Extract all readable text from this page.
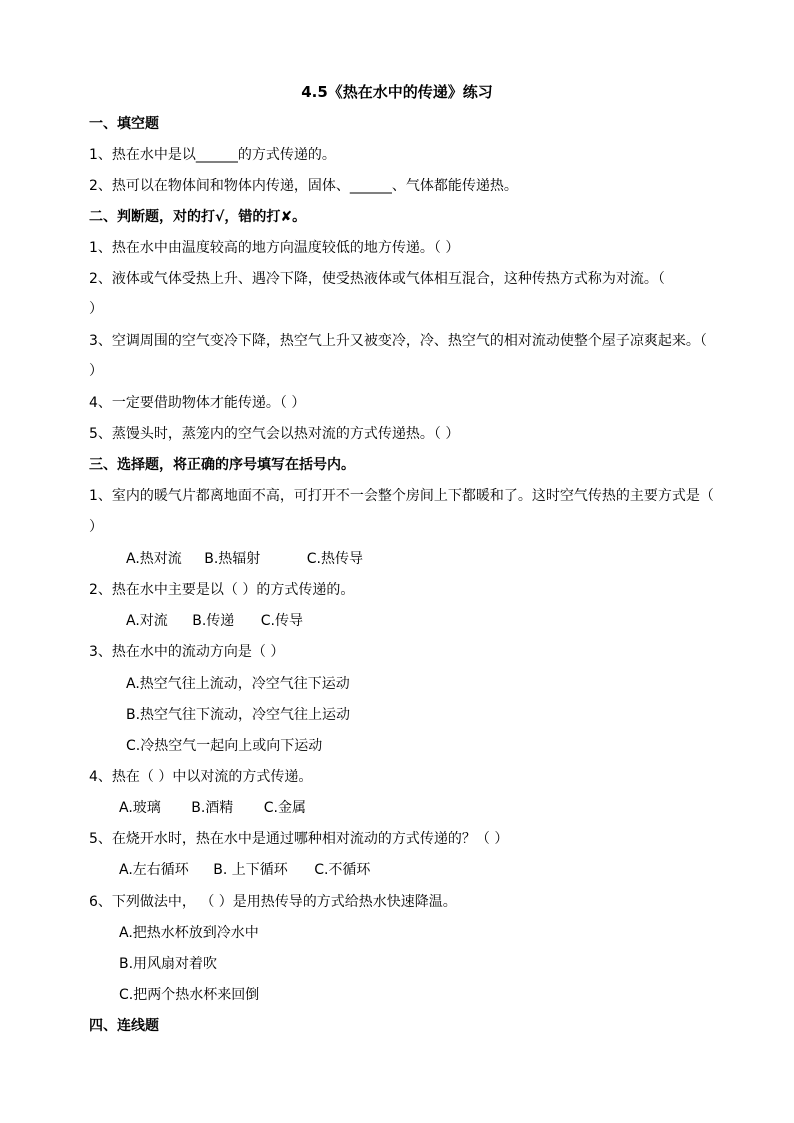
4.5《热在水中的传递》练习
一、填空题
1、热在水中是以______的方式传递的。
2、热可以在物体间和物体内传递，固体、______、气体都能传递热。
二、判断题，对的打√，错的打✘。
1、热在水中由温度较高的地方向温度较低的地方传递。（ ）
2、液体或气体受热上升、遇冷下降，使受热液体或气体相互混合，这种传热方式称为对流。（
）
3、空调周围的空气变冷下降，热空气上升又被变冷，冷、热空气的相对流动使整个屋子凉爽起来。（
）
4、一定要借助物体才能传递。（ ）
5、蒸馒头时，蒸笼内的空气会以热对流的方式传递热。（ ）
三、选择题，将正确的序号填写在括号内。
1、室内的暖气片都离地面不高，可打开不一会整个房间上下都暖和了。这时空气传热的主要方式是（
）
A.热对流 B.热辐射	C.热传导
2、热在水中主要是以（ ）的方式传递的。
A.对流 B.传递 C.传导
3、热在水中的流动方向是（ ）
A.热空气往上流动，冷空气往下运动
B.热空气往下流动，冷空气往上运动
C.冷热空气一起向上或向下运动
4、热在（ ）中以对流的方式传递。
A.玻璃 B.酒精 C.金属
5、在烧开水时，热在水中是通过哪种相对流动的方式传递的？（ ）
A.左右循环 B. 上下循环 C.不循环
6、下列做法中， （ ）是用热传导的方式给热水快速降温。
A.把热水杯放到冷水中
B.用风扇对着吹
C.把两个热水杯来回倒
四、连线题
